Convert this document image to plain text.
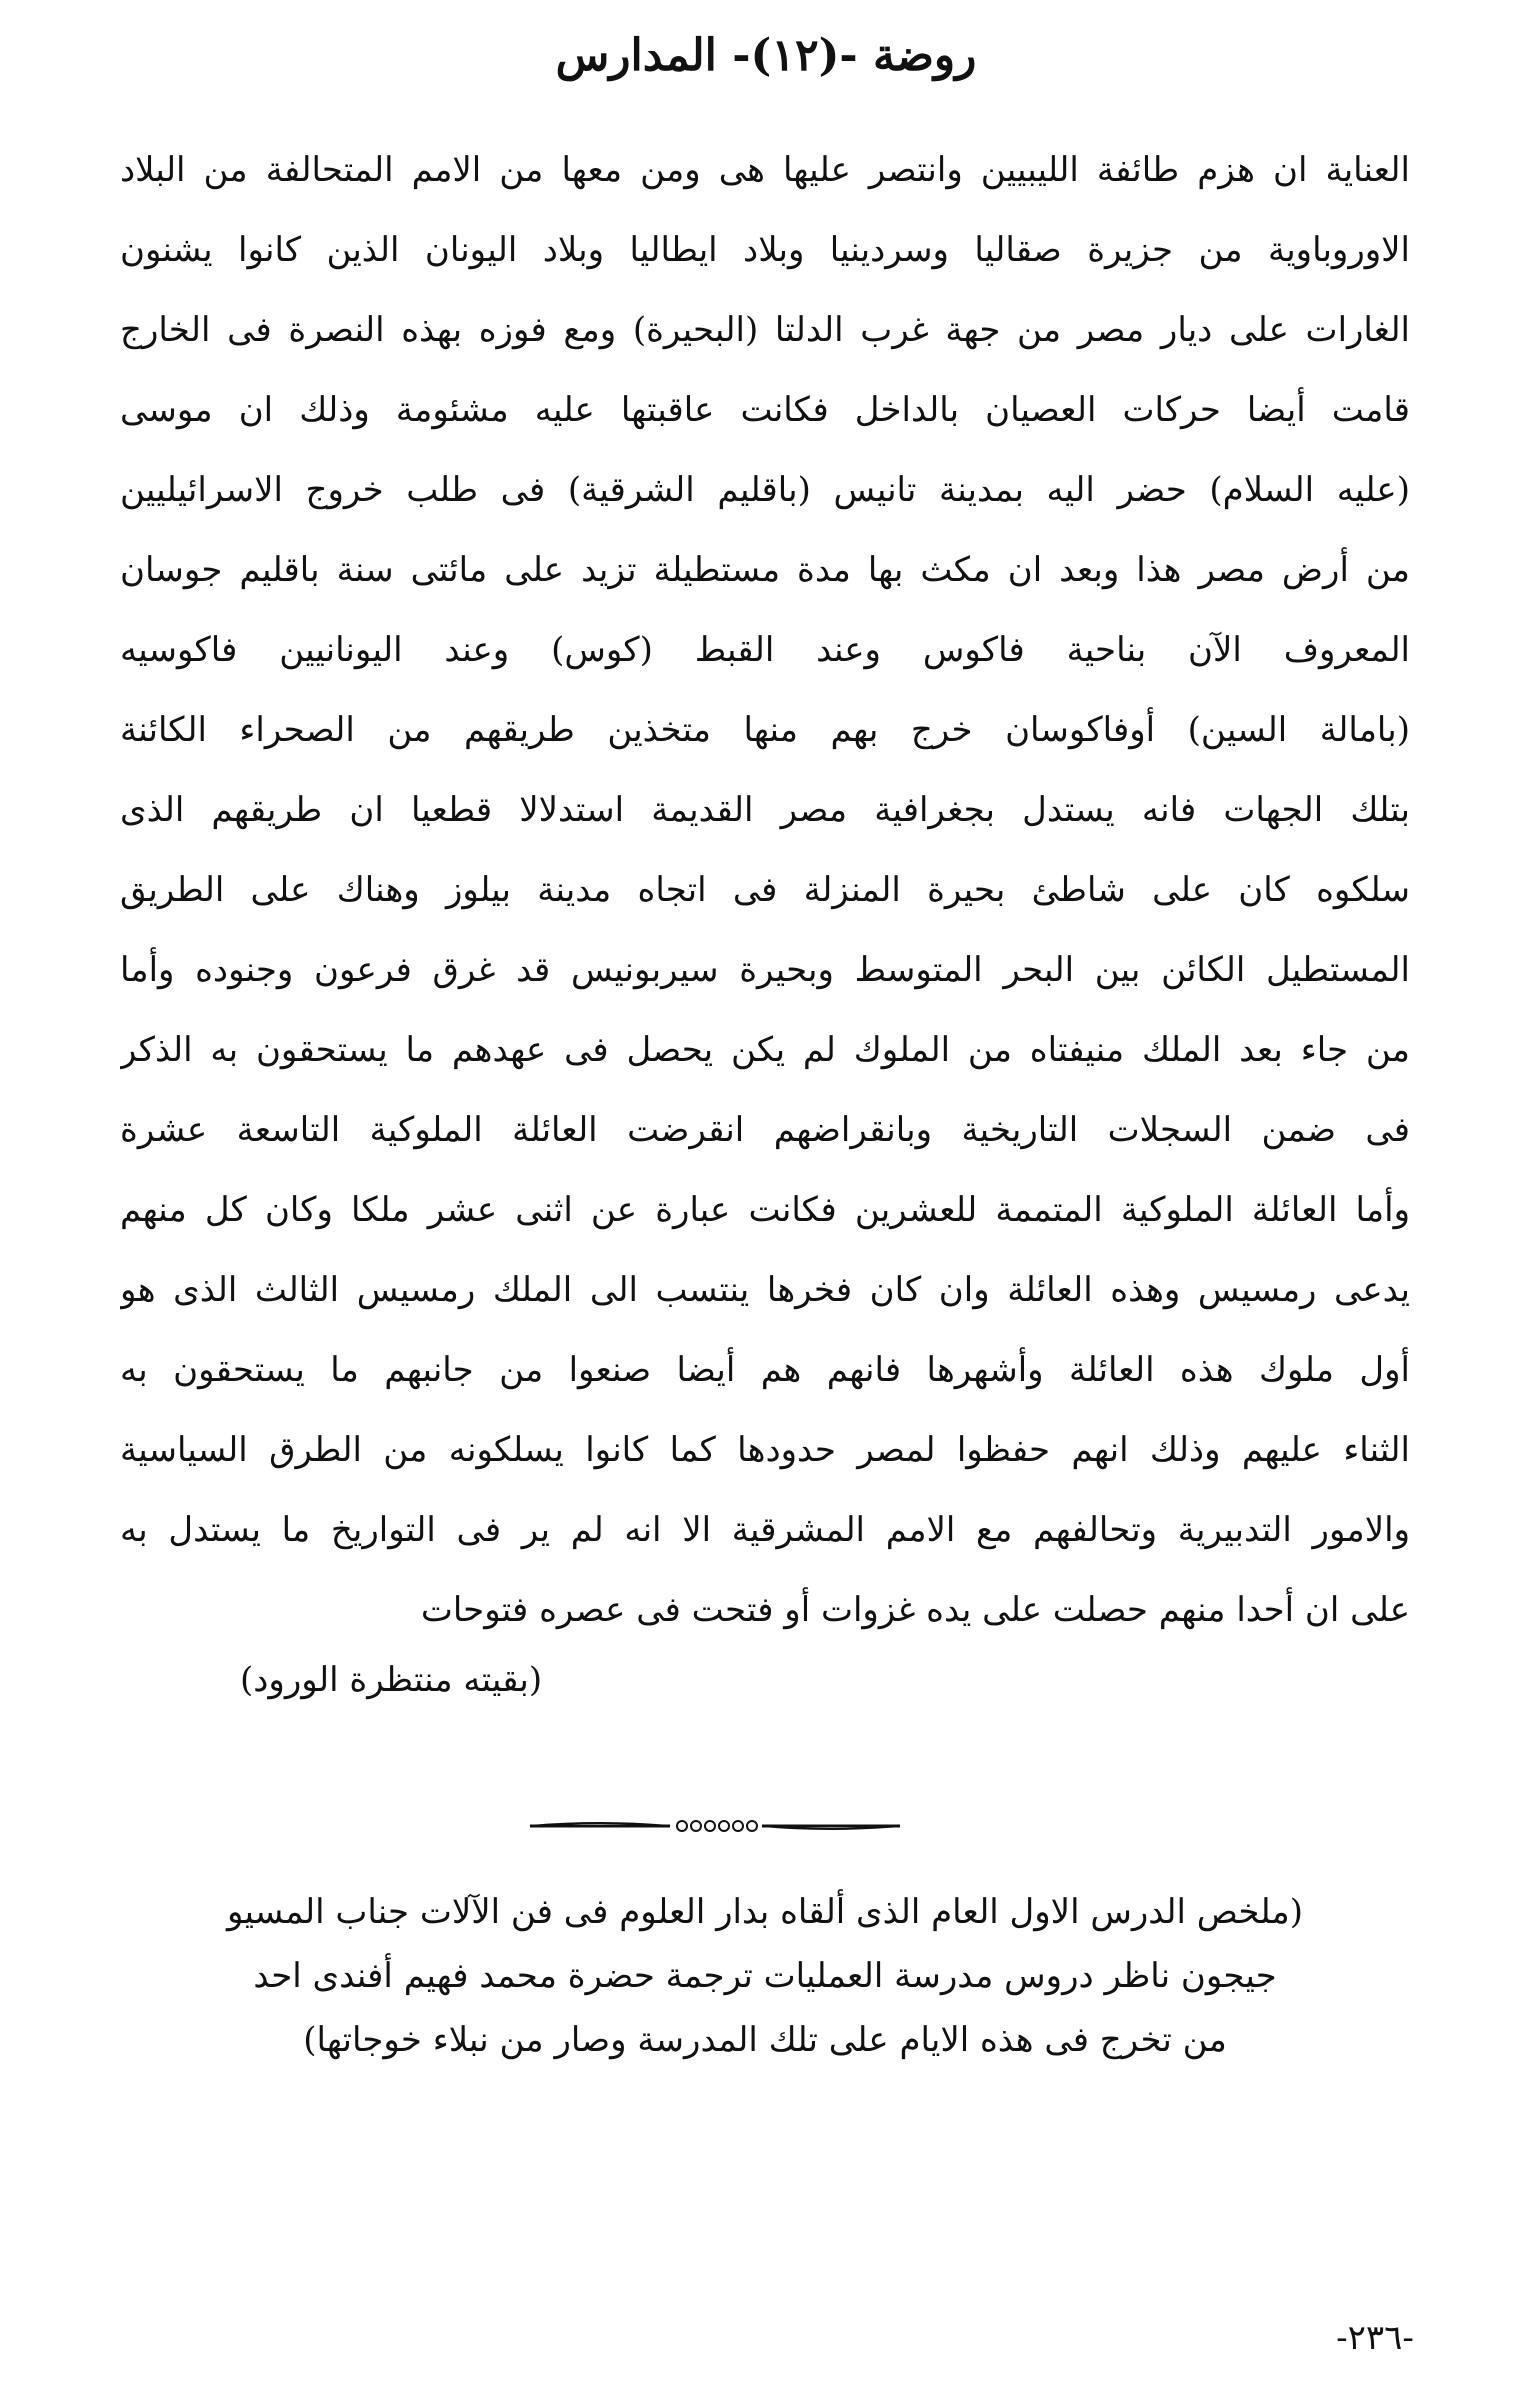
روضة -(١٢)- المدارس
العناية ان هزم طائفة الليبيين وانتصر عليها هى ومن معها من الامم المتحالفة من البلاد
الاوروباوية من جزيرة صقاليا وسردينيا وبلاد ايطاليا وبلاد اليونان الذين كانوا يشنون
الغارات على ديار مصر من جهة غرب الدلتا (البحيرة) ومع فوزه بهذه النصرة فى الخارج
قامت أيضا حركات العصيان بالداخل فكانت عاقبتها عليه مشئومة وذلك ان موسى
(عليه السلام) حضر اليه بمدينة تانيس (باقليم الشرقية) فى طلب خروج الاسرائيليين
من أرض مصر هذا وبعد ان مكث بها مدة مستطيلة تزيد على مائتى سنة باقليم جوسان
المعروف الآن بناحية فاكوس وعند القبط (كوس) وعند اليونانيين فاكوسيه
(بامالة السين) أوفاكوسان خرج بهم منها متخذين طريقهم من الصحراء الكائنة
بتلك الجهات فانه يستدل بجغرافية مصر القديمة استدلالا قطعيا ان طريقهم الذى
سلكوه كان على شاطئ بحيرة المنزلة فى اتجاه مدينة بيلوز وهناك على الطريق
المستطيل الكائن بين البحر المتوسط وبحيرة سيربونيس قد غرق فرعون وجنوده وأما
من جاء بعد الملك منيفتاه من الملوك لم يكن يحصل فى عهدهم ما يستحقون به الذكر
فى ضمن السجلات التاريخية وبانقراضهم انقرضت العائلة الملوكية التاسعة عشرة
وأما العائلة الملوكية المتممة للعشرين فكانت عبارة عن اثنى عشر ملكا وكان كل منهم
يدعى رمسيس وهذه العائلة وان كان فخرها ينتسب الى الملك رمسيس الثالث الذى هو
أول ملوك هذه العائلة وأشهرها فانهم هم أيضا صنعوا من جانبهم ما يستحقون به
الثناء عليهم وذلك انهم حفظوا لمصر حدودها كما كانوا يسلكونه من الطرق السياسية
والامور التدبيرية وتحالفهم مع الامم المشرقية الا انه لم ير فى التواريخ ما يستدل به
على ان أحدا منهم حصلت على يده غزوات أو فتحت فى عصره فتوحات
(بقيته منتظرة الورود)
(ملخص الدرس الاول العام الذى ألقاه بدار العلوم فى فن الآلات جناب المسيو
جيجون ناظر دروس مدرسة العمليات ترجمة حضرة محمد فهيم أفندى احد
من تخرج فى هذه الايام على تلك المدرسة وصار من نبلاء خوجاتها)
-٢٣٦-
